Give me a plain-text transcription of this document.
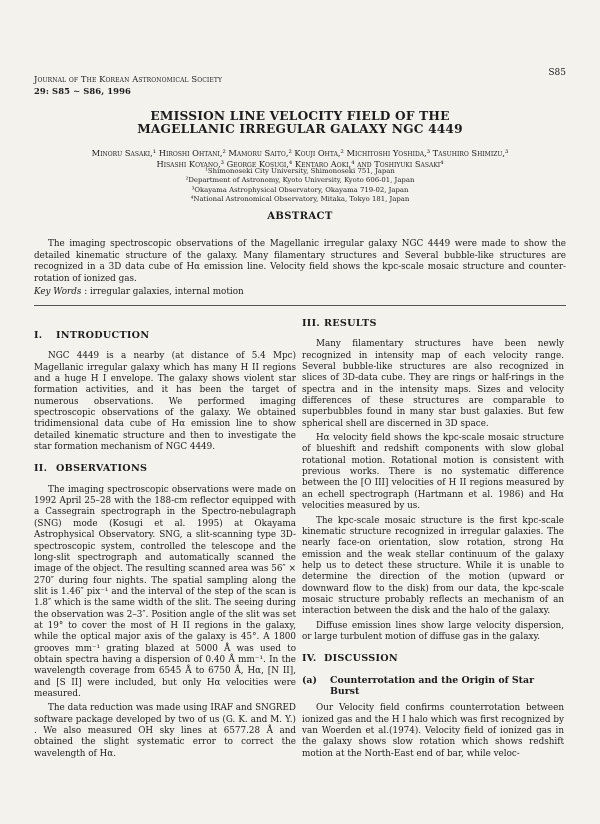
Journal of The Korean Astronomical Society
29: S85 ∼ S86, 1996
S85
EMISSION LINE VELOCITY FIELD OF THE
MAGELLANIC IRREGULAR GALAXY NGC 4449
Minoru Sasaki,¹ Hiroshi Ohtani,² Mamoru Saito,² Kouji Ohta,² Michitoshi Yoshida,³ Tasuhiro Shimizu,³
Hisashi Koyano,³ George Kosugi,⁴ Kentaro Aoki,⁴ and Toshiyuki Sasaki⁴
¹Shimonoseki City University, Shimonoseki 751, Japan
²Department of Astronomy, Kyoto University, Kyoto 606-01, Japan
³Okayama Astrophysical Observatory, Okayama 719-02, Japan
⁴National Astronomical Observatory, Mitaka, Tokyo 181, Japan
ABSTRACT
The imaging spectroscopic observations of the Magellanic irregular galaxy NGC 4449 were made to show the detailed kinematic structure of the galaxy. Many filamentary structures and Several bubble-like structures are recognized in a 3D data cube of Hα emission line. Velocity field shows the kpc-scale mosaic structure and counter-rotation of ionized gas.
Key Words : irregular galaxies, internal motion
I. INTRODUCTION

NGC 4449 is a nearby (at distance of 5.4 Mpc) Magellanic irregular galaxy which has many H II regions and a huge H I envelope. The galaxy shows violent star formation activities, and it has been the target of numerous observations. We performed imaging spectroscopic observations of the galaxy. We obtained tridimensional data cube of Hα emission line to show detailed kinematic structure and then to investigate the star formation mechanism of NGC 4449.

II. OBSERVATIONS

The imaging spectroscopic observations were made on 1992 April 25–28 with the 188-cm reflector equipped with a Cassegrain spectrograph in the Spectro-nebulagraph (SNG) mode (Kosugi et al. 1995) at Okayama Astrophysical Observatory. SNG, a slit-scanning type 3D-spectroscopic system, controlled the telescope and the long-slit spectrograph and automatically scanned the image of the object. The resulting scanned area was 56″ × 270″ during four nights. The spatial sampling along the slit is 1.46″ pix⁻¹ and the interval of the step of the scan is 1.8″ which is the same width of the slit. The seeing during the observation was 2–3″. Position angle of the slit was set at 19° to cover the most of H II regions in the galaxy, while the optical major axis of the galaxy is 45°. A 1800 grooves mm⁻¹ grating blazed at 5000 Å was used to obtain spectra having a dispersion of 0.40 Å mm⁻¹. In the wavelength coverage from 6545 Å to 6750 Å, Hα, [N II], and [S II] were included, but only Hα velocities were measured.

The data reduction was made using IRAF and SNGRED software package developed by two of us (G. K. and M. Y.) . We also measured OH sky lines at 6577.28 Å and obtained the slight systematic error to correct the wavelength of Hα.

III. RESULTS

Many filamentary structures have been newly recognized in intensity map of each velocity range. Several bubble-like structures are also recognized in slices of 3D-data cube. They are rings or half-rings in the spectra and in the intensity maps. Sizes and velocity differences of these structures are comparable to superbubbles found in many star bust galaxies. But few spherical shell are discerned in 3D space.

Hα velocity field shows the kpc-scale mosaic structure of blueshift and redshift components with slow global rotational motion. Rotational motion is consistent with previous works. There is no systematic difference between the [O III] velocities of H II regions measured by an echell spectrograph (Hartmann et al. 1986) and Hα velocities measured by us.

The kpc-scale mosaic structure is the first kpc-scale kinematic structure recognized in irregular galaxies. The nearly face-on orientation, slow rotation, strong Hα emission and the weak stellar continuum of the galaxy help us to detect these structure. While it is unable to determine the direction of the motion (upward or downward flow to the disk) from our data, the kpc-scale mosaic structure probably reflects an mechanism of an interaction between the disk and the halo of the galaxy.

Diffuse emission lines show large velocity dispersion, or large turbulent motion of diffuse gas in the galaxy.

IV. DISCUSSION
(a)	Counterrotation and the Origin of Star Burst

Our Velocity field confirms counterrotation between ionized gas and the H I halo which was first recognized by van Woerden et al.(1974). Velocity field of ionized gas in the galaxy shows slow rotation which shows redshift motion at the North-East end of bar, while veloc-
